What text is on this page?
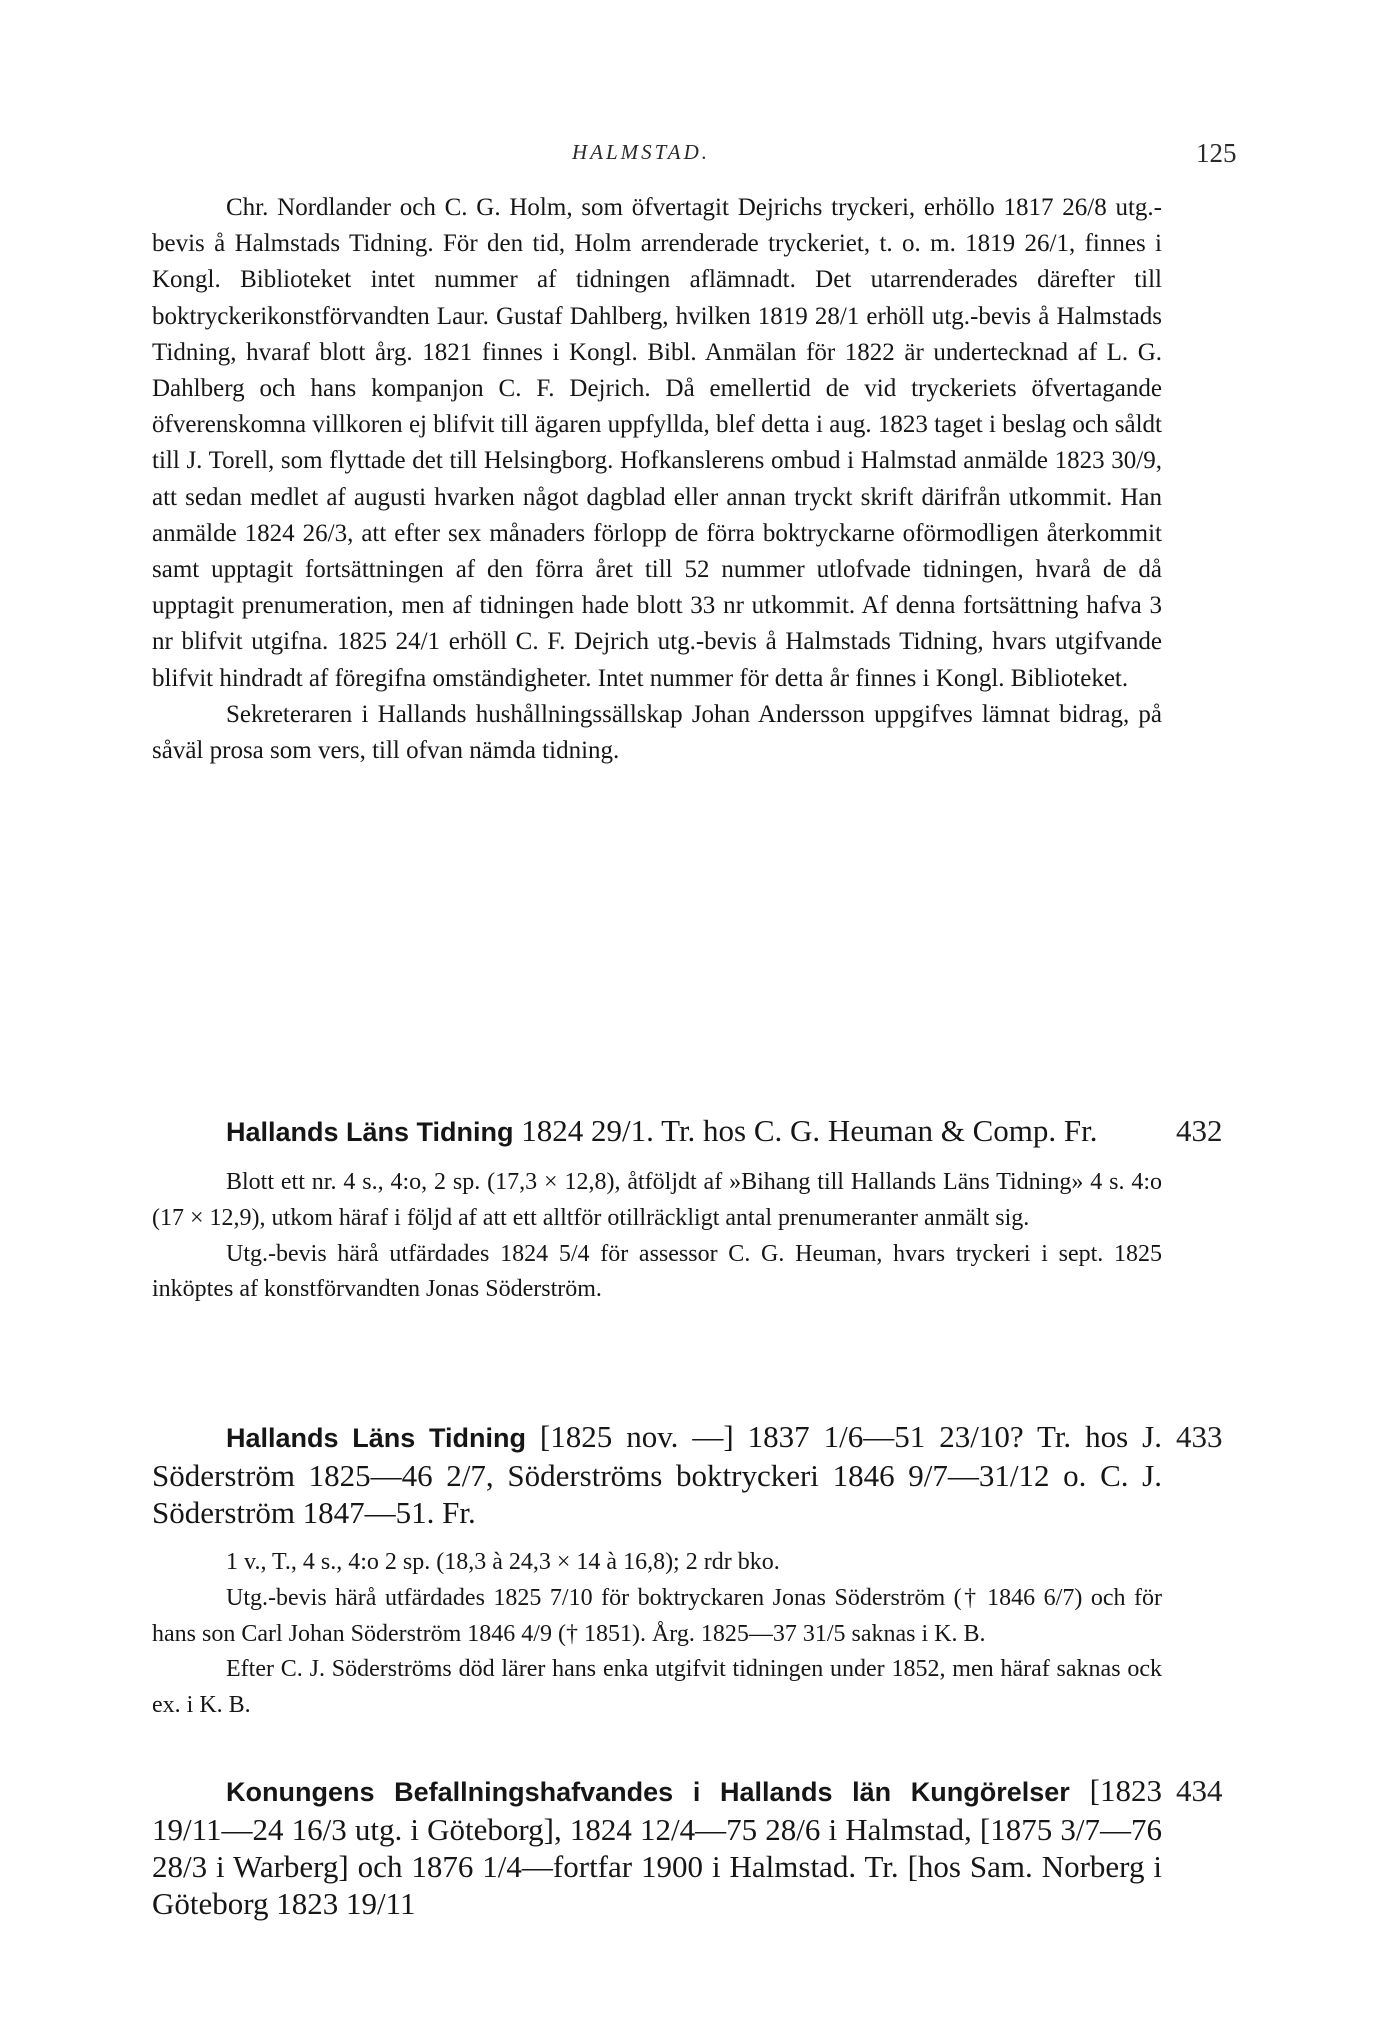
HALMSTAD.	125

Chr. Nordlander och C. G. Holm, som öfvertagit Dejrichs tryckeri, erhöllo 1817 26/8 utg.-bevis å Halmstads Tidning. För den tid, Holm arrenderade tryckeriet, t. o. m. 1819 26/1, finnes i Kongl. Biblioteket intet nummer af tidningen aflämnadt. Det utarrenderades därefter till boktryckerikonstförvandten Laur. Gustaf Dahlberg, hvilken 1819 28/1 erhöll utg.-bevis å Halmstads Tidning, hvaraf blott årg. 1821 finnes i Kongl. Bibl. Anmälan för 1822 är undertecknad af L. G. Dahlberg och hans kompanjon C. F. Dejrich. Då emellertid de vid tryckeriets öfvertagande öfverenskomna villkoren ej blifvit till ägaren uppfyllda, blef detta i aug. 1823 taget i beslag och såldt till J. Torell, som flyttade det till Helsingborg. Hofkanslerens ombud i Halmstad anmälde 1823 30/9, att sedan medlet af augusti hvarken något dagblad eller annan tryckt skrift därifrån utkommit. Han anmälde 1824 26/3, att efter sex månaders förlopp de förra boktryckarne oförmodligen återkommit samt upptagit fortsättningen af den förra året till 52 nummer utlofvade tidningen, hvarå de då upptagit prenumeration, men af tidningen hade blott 33 nr utkommit. Af denna fortsättning hafva 3 nr blifvit utgifna. 1825 24/1 erhöll C. F. Dejrich utg.-bevis å Halmstads Tidning, hvars utgifvande blifvit hindradt af föregifna omständigheter. Intet nummer för detta år finnes i Kongl. Biblioteket.

Sekreteraren i Hallands hushållningssällskap Johan Andersson uppgifves lämnat bidrag, på såväl prosa som vers, till ofvan nämda tidning.

432

Hallands Läns Tidning 1824 29/1. Tr. hos C. G. Heuman & Comp. Fr.

Blott ett nr. 4 s., 4:o, 2 sp. (17,3 × 12,8), åtföljdt af »Bihang till Hallands Läns Tidning» 4 s. 4:o (17 × 12,9), utkom häraf i följd af att ett alltför otillräckligt antal prenumeranter anmält sig.

Utg.-bevis härå utfärdades 1824 5/4 för assessor C. G. Heuman, hvars tryckeri i sept. 1825 inköptes af konstförvandten Jonas Söderström.

433

Hallands Läns Tidning [1825 nov. —] 1837 1/6—51 23/10? Tr. hos J. Söderström 1825—46 2/7, Söderströms boktryckeri 1846 9/7—31/12 o. C. J. Söderström 1847—51. Fr.

1 v., T., 4 s., 4:o 2 sp. (18,3 à 24,3 × 14 à 16,8); 2 rdr bko.

Utg.-bevis härå utfärdades 1825 7/10 för boktryckaren Jonas Söderström († 1846 6/7) och för hans son Carl Johan Söderström 1846 4/9 († 1851). Årg. 1825—37 31/5 saknas i K. B.

Efter C. J. Söderströms död lärer hans enka utgifvit tidningen under 1852, men häraf saknas ock ex. i K. B.

434

Konungens Befallningshafvandes i Hallands län Kungörelser [1823 19/11—24 16/3 utg. i Göteborg], 1824 12/4—75 28/6 i Halmstad, [1875 3/7—76 28/3 i Warberg] och 1876 1/4—fortfar 1900 i Halmstad. Tr. [hos Sam. Norberg i Göteborg 1823 19/11
